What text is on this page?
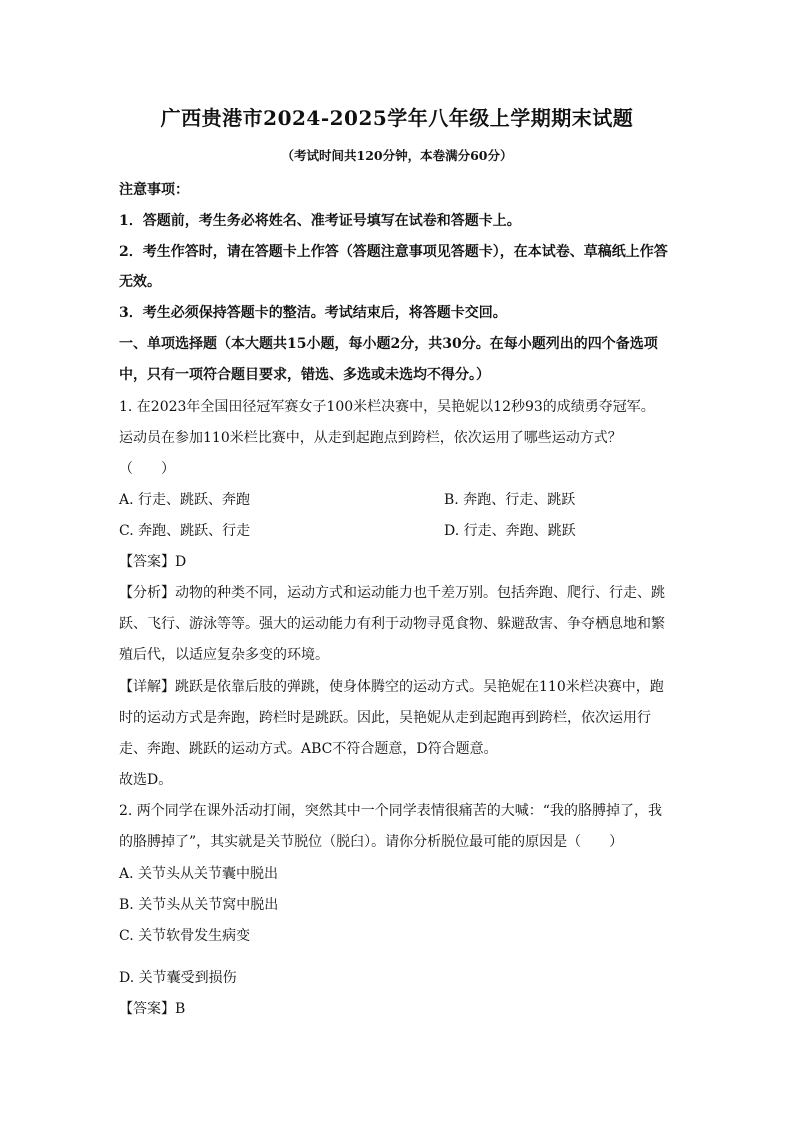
广西贵港市2024-2025学年八年级上学期期末试题
（考试时间共120分钟，本卷满分60分）
注意事项：
1．答题前，考生务必将姓名、准考证号填写在试卷和答题卡上。
2．考生作答时，请在答题卡上作答（答题注意事项见答题卡），在本试卷、草稿纸上作答
无效。
3．考生必须保持答题卡的整洁。考试结束后，将答题卡交回。
一、单项选择题（本大题共15小题，每小题2分，共30分。在每小题列出的四个备选项
中，只有一项符合题目要求，错选、多选或未选均不得分。）
1. 在2023年全国田径冠军赛女子100米栏决赛中，吴艳妮以12秒93的成绩勇夺冠军。
运动员在参加110米栏比赛中，从走到起跑点到跨栏，依次运用了哪些运动方式？
（　　）
A. 行走、跳跃、奔跑	B. 奔跑、行走、跳跃
C. 奔跑、跳跃、行走	D. 行走、奔跑、跳跃
【答案】D
【分析】动物的种类不同，运动方式和运动能力也千差万别。包括奔跑、爬行、行走、跳
跃、飞行、游泳等等。强大的运动能力有利于动物寻觅食物、躲避敌害、争夺栖息地和繁
殖后代，以适应复杂多变的环境。
【详解】跳跃是依靠后肢的弹跳，使身体腾空的运动方式。吴艳妮在110米栏决赛中，跑
时的运动方式是奔跑，跨栏时是跳跃。因此，吴艳妮从走到起跑再到跨栏，依次运用行
走、奔跑、跳跃的运动方式。ABC不符合题意，D符合题意。
故选D。
2. 两个同学在课外活动打闹，突然其中一个同学表情很痛苦的大喊：“我的胳膊掉了，我
的胳膊掉了”，其实就是关节脱位（脱臼）。请你分析脱位最可能的原因是（　　）
A. 关节头从关节囊中脱出
B. 关节头从关节窝中脱出
C. 关节软骨发生病变
D. 关节囊受到损伤
【答案】B
